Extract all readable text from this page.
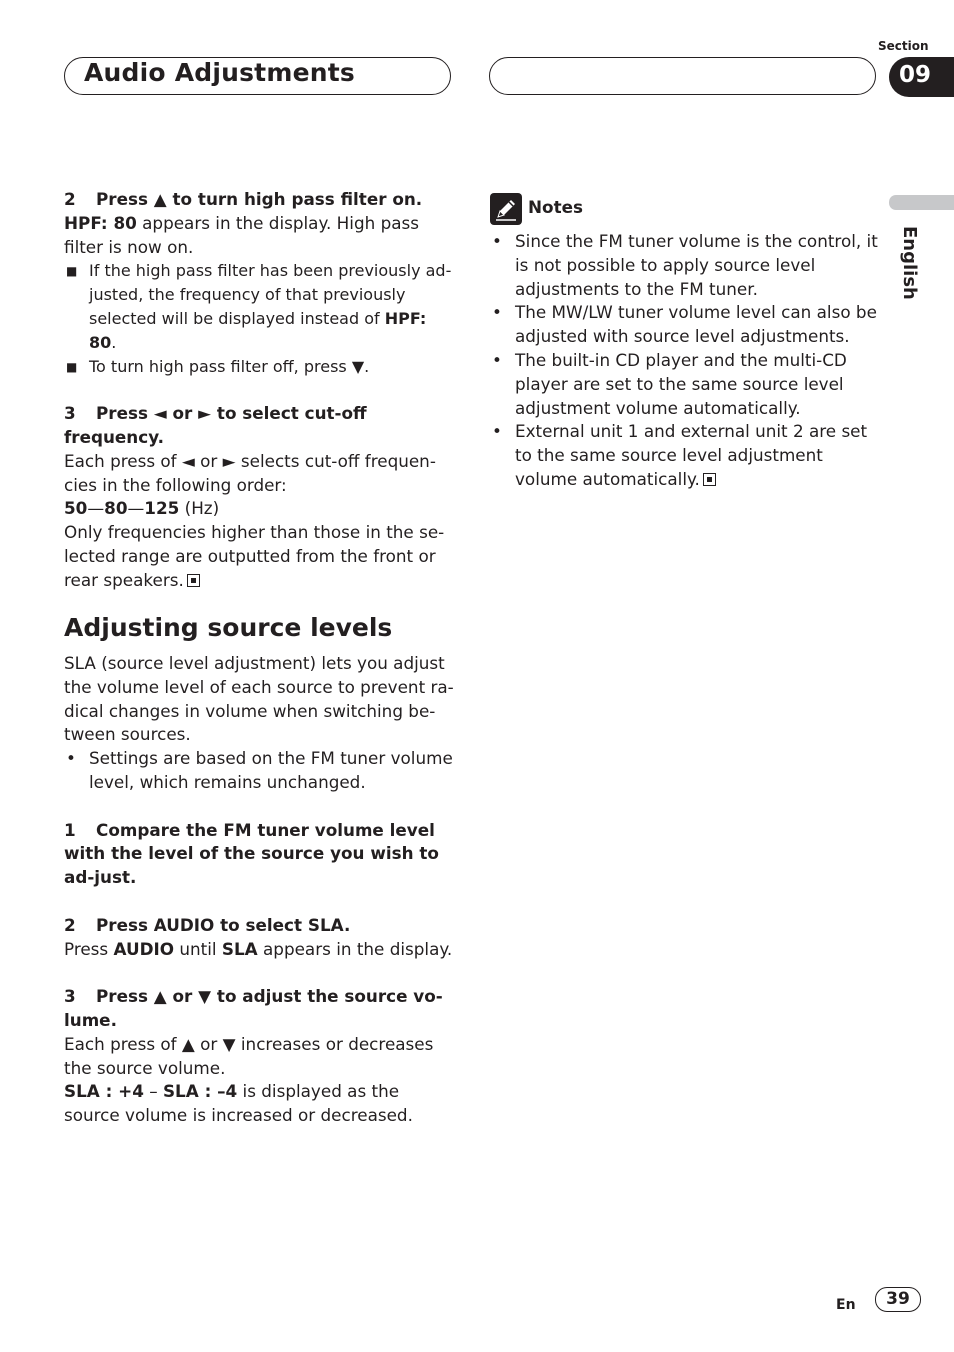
Audio Adjustments
Section
09
English

2 Press ▲ to turn high pass filter on.

HPF: 80 appears in the display. High pass filter is now on.

■ If the high pass filter has been previously ad-justed, the frequency of that previously selected will be displayed instead of HPF: 80.

■ To turn high pass filter off, press ▼.

3 Press ◄ or ► to select cut-off frequency.

Each press of ◄ or ► selects cut-off frequen-cies in the following order:

50—80—125 (Hz)

Only frequencies higher than those in the se-lected range are outputted from the front or rear speakers.

Adjusting source levels

SLA (source level adjustment) lets you adjust the volume level of each source to prevent ra-dical changes in volume when switching be-tween sources.

• Settings are based on the FM tuner volume level, which remains unchanged.

1 Compare the FM tuner volume level with the level of the source you wish to ad-just.

2 Press AUDIO to select SLA.

Press AUDIO until SLA appears in the display.

3 Press ▲ or ▼ to adjust the source vo-lume.

Each press of ▲ or ▼ increases or decreases the source volume.

SLA : +4 – SLA : –4 is displayed as the source volume is increased or decreased.

Notes

• Since the FM tuner volume is the control, it is not possible to apply source level adjustments to the FM tuner.

• The MW/LW tuner volume level can also be adjusted with source level adjustments.

• The built-in CD player and the multi-CD player are set to the same source level adjustment volume automatically.

• External unit 1 and external unit 2 are set to the same source level adjustment volume automatically.

En	39
